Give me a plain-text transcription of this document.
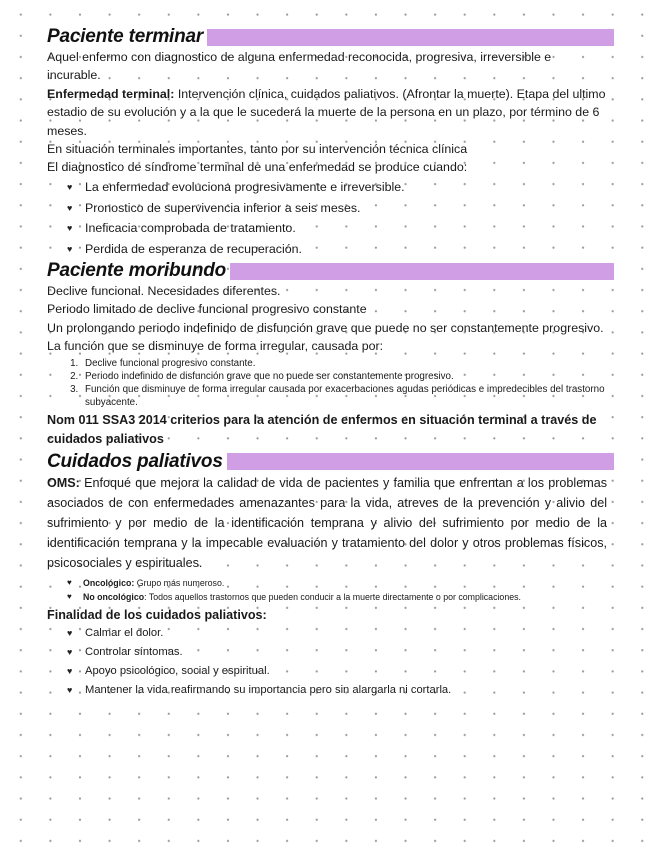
Paciente terminar

Aquel enfermo con diagnostico de alguna enfermedad reconocida, progresiva, irreversible e incurable.

Enfermedad terminal: Intervención clínica, cuidados paliativos. (Afrontar la muerte). Etapa del ultimo estadio de su evolución y a la que le sucederá la muerte de la persona en un plazo, por término de 6 meses.

En situación terminales importantes, tanto por su intervención técnica clínica

El diagnostico de síndrome terminal de una enfermedad se produce cuando:

♥ La enfermedad evoluciona progresivamente e irreversible.
♥ Pronostico de supervivencia inferior a seis meses.
♥ Ineficacia comprobada de tratamiento.
♥ Perdida de esperanza de recuperación.
Paciente moribundo

Declive funcional. Necesidades diferentes.

Periodo limitado de declive funcional progresivo constante

Un prolongando periodo indefinido de disfunción grave que puede no ser constantemente progresivo.

La función que se disminuye de forma irregular, causada por:

1. Declive funcional progresivo constante.
2. Periodo indefinido de disfunción grave que no puede ser constantemente progresivo.
3. Función que disminuye de forma irregular causada por exacerbaciones agudas periódicas e impredecibles del trastorno subyacente.

Nom 011 SSA3 2014 criterios para la atención de enfermos en situación terminal a través de cuidados paliativos

Cuidados paliativos

OMS: Enfoqué que mejora la calidad de vida de pacientes y familia que enfrentan a los problemas asociados de con enfermedades amenazantes para la vida, atreves de la prevención y alivio del sufrimiento y por medio de la identificación temprana y alivio del sufrimiento por medio de la identificación temprana y la impecable evaluación y tratamiento del dolor y otros problemas físicos, psicosociales y espirituales.

♥ Oncológico: Grupo más numeroso.
♥ No oncológico: Todos aquellos trastornos que pueden conducir a la muerte directamente o por complicaciones.

Finalidad de los cuidados paliativos:

♥ Calmar el dolor.
♥ Controlar síntomas.
♥ Apoyo psicológico, social y espiritual.
♥ Mantener la vida reafirmando su importancia pero sin alargarla ni cortarla.
